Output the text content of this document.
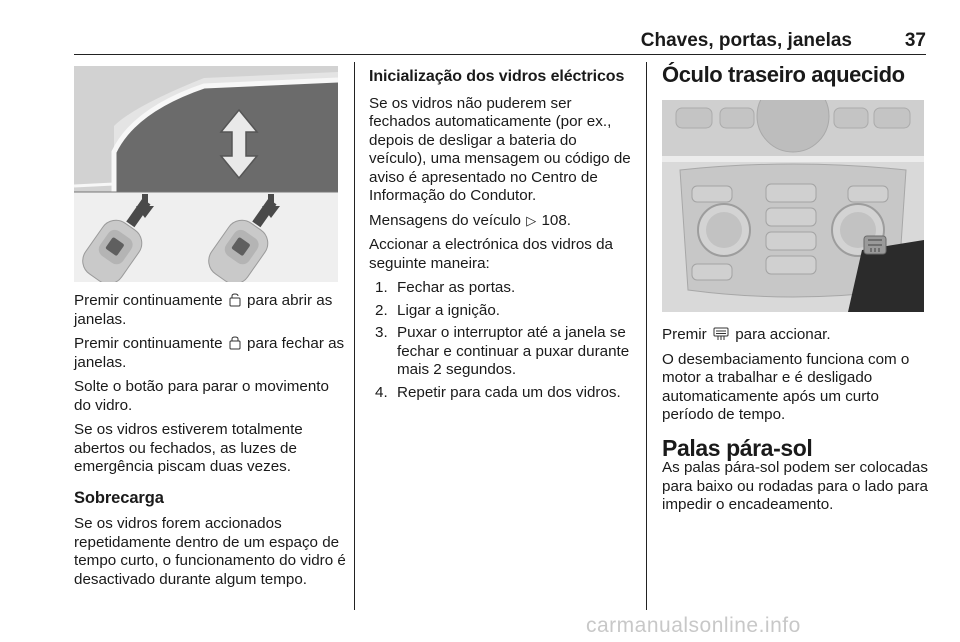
Chaves, portas, janelas	37

Premir continuamente para abrir as janelas.

Premir continuamente para fechar as janelas.

Solte o botão para parar o movimento do vidro.

Se os vidros estiverem totalmente abertos ou fechados, as luzes de emergência piscam duas vezes.

Sobrecarga

Se os vidros forem accionados repetidamente dentro de um espaço de tempo curto, o funcionamento do vidro é desactivado durante algum tempo.

Inicialização dos vidros eléctricos

Se os vidros não puderem ser fechados automaticamente (por ex., depois de desligar a bateria do veículo), uma mensagem ou código de aviso é apresentado no Centro de Informação do Condutor.

Mensagens do veículo ▷ 108.

Accionar a electrónica dos vidros da seguinte maneira:

1. Fechar as portas.
2. Ligar a ignição.
3. Puxar o interruptor até a janela se fechar e continuar a puxar durante mais 2 segundos.
4. Repetir para cada um dos vidros.
Óculo traseiro aquecido

Premir para accionar.

O desembaciamento funciona com o motor a trabalhar e é desligado automaticamente após um curto período de tempo.

Palas pára-sol

As palas pára-sol podem ser colocadas para baixo ou rodadas para o lado para impedir o encadeamento.

carmanualsonline.info
